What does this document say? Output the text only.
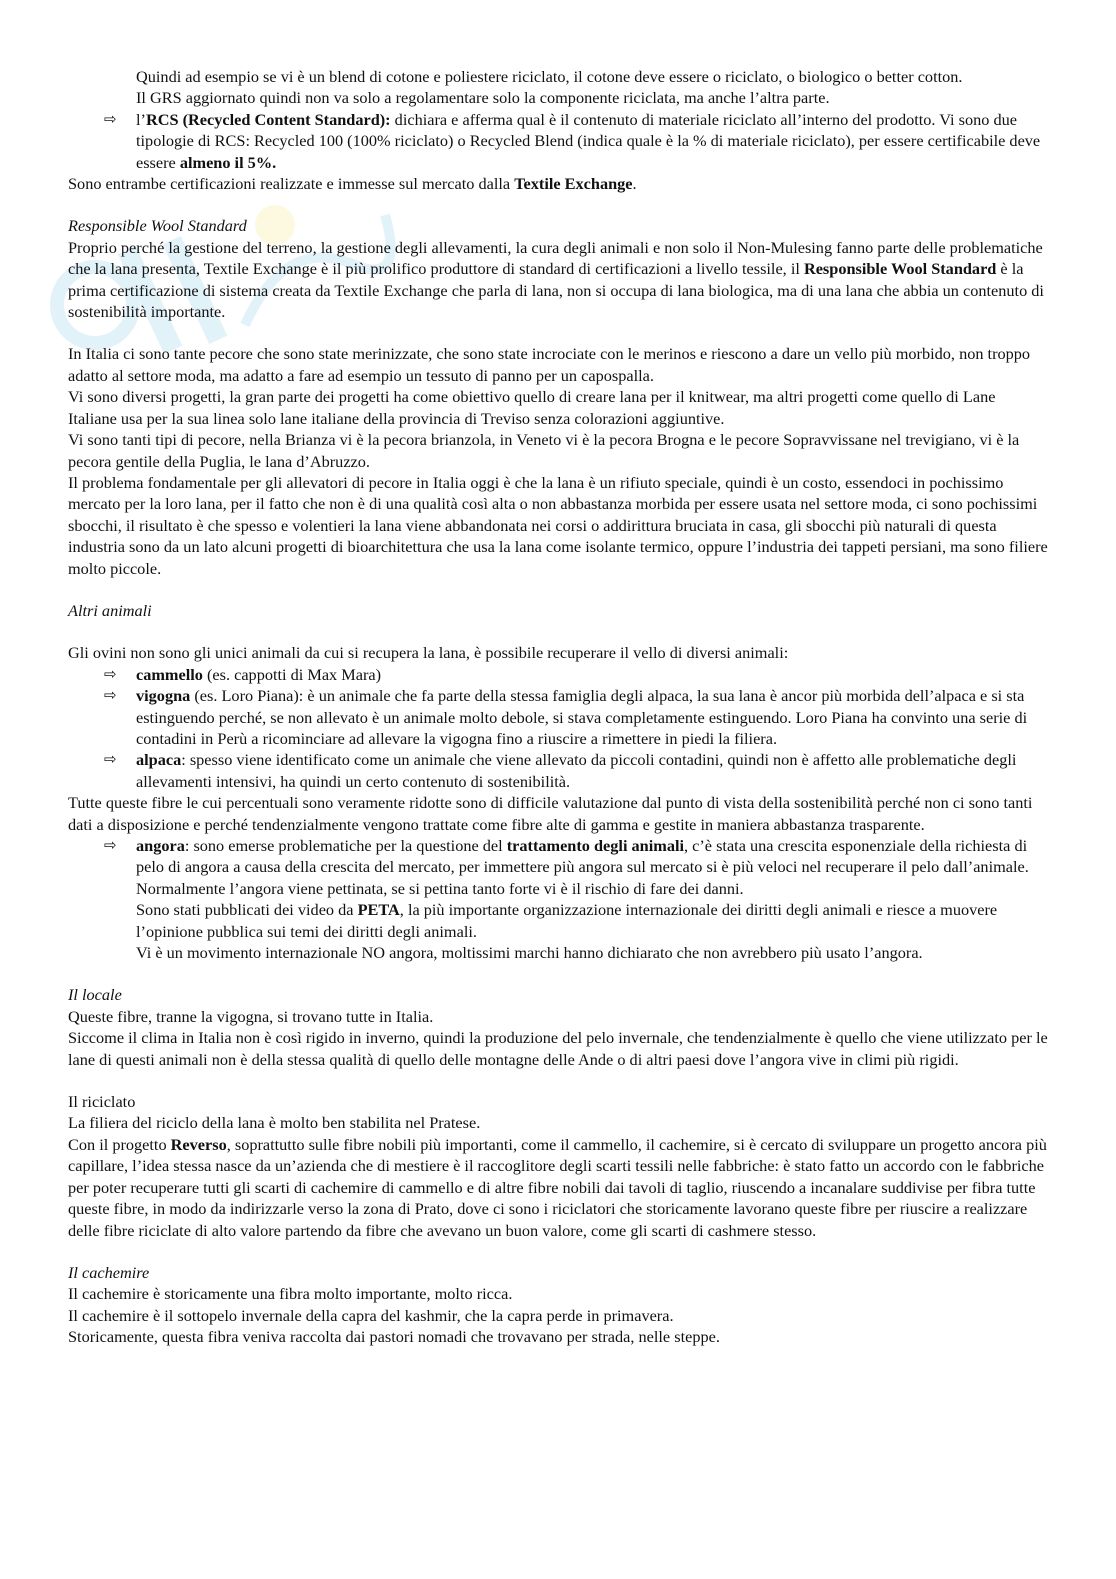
Quindi ad esempio se vi è un blend di cotone e poliestere riciclato, il cotone deve essere o riciclato, o biologico o better cotton.

Il GRS aggiornato quindi non va solo a regolamentare solo la componente riciclata, ma anche l’altra parte.

⇨ l’RCS (Recycled Content Standard): dichiara e afferma qual è il contenuto di materiale riciclato all’interno del prodotto. Vi sono due tipologie di RCS: Recycled 100 (100% riciclato) o Recycled Blend (indica quale è la % di materiale riciclato), per essere certificabile deve essere almeno il 5%.

Sono entrambe certificazioni realizzate e immesse sul mercato dalla Textile Exchange.

Responsible Wool Standard

Proprio perché la gestione del terreno, la gestione degli allevamenti, la cura degli animali e non solo il Non-Mulesing fanno parte delle problematiche che la lana presenta, Textile Exchange è il più prolifico produttore di standard di certificazioni a livello tessile, il Responsible Wool Standard è la prima certificazione di sistema creata da Textile Exchange che parla di lana, non si occupa di lana biologica, ma di una lana che abbia un contenuto di sostenibilità importante.

In Italia ci sono tante pecore che sono state merinizzate, che sono state incrociate con le merinos e riescono a dare un vello più morbido, non troppo adatto al settore moda, ma adatto a fare ad esempio un tessuto di panno per un capospalla.

Vi sono diversi progetti, la gran parte dei progetti ha come obiettivo quello di creare lana per il knitwear, ma altri progetti come quello di Lane Italiane usa per la sua linea solo lane italiane della provincia di Treviso senza colorazioni aggiuntive.

Vi sono tanti tipi di pecore, nella Brianza vi è la pecora brianzola, in Veneto vi è la pecora Brogna e le pecore Sopravvissane nel trevigiano, vi è la pecora gentile della Puglia, le lana d’Abruzzo.

Il problema fondamentale per gli allevatori di pecore in Italia oggi è che la lana è un rifiuto speciale, quindi è un costo, essendoci in pochissimo mercato per la loro lana, per il fatto che non è di una qualità così alta o non abbastanza morbida per essere usata nel settore moda, ci sono pochissimi sbocchi, il risultato è che spesso e volentieri la lana viene abbandonata nei corsi o addirittura bruciata in casa, gli sbocchi più naturali di questa industria sono da un lato alcuni progetti di bioarchitettura che usa la lana come isolante termico, oppure l’industria dei tappeti persiani, ma sono filiere molto piccole.

Altri animali

Gli ovini non sono gli unici animali da cui si recupera la lana, è possibile recuperare il vello di diversi animali:

⇨ cammello (es. cappotti di Max Mara)
⇨ vigogna (es. Loro Piana): è un animale che fa parte della stessa famiglia degli alpaca, la sua lana è ancor più morbida dell’alpaca e si sta estinguendo perché, se non allevato è un animale molto debole, si stava completamente estinguendo. Loro Piana ha convinto una serie di contadini in Perù a ricominciare ad allevare la vigogna fino a riuscire a rimettere in piedi la filiera.
⇨ alpaca: spesso viene identificato come un animale che viene allevato da piccoli contadini, quindi non è affetto alle problematiche degli allevamenti intensivi, ha quindi un certo contenuto di sostenibilità.

Tutte queste fibre le cui percentuali sono veramente ridotte sono di difficile valutazione dal punto di vista della sostenibilità perché non ci sono tanti dati a disposizione e perché tendenzialmente vengono trattate come fibre alte di gamma e gestite in maniera abbastanza trasparente.

⇨ angora: sono emerse problematiche per la questione del trattamento degli animali, c’è stata una crescita esponenziale della richiesta di pelo di angora a causa della crescita del mercato, per immettere più angora sul mercato si è più veloci nel recuperare il pelo dall’animale. Normalmente l’angora viene pettinata, se si pettina tanto forte vi è il rischio di fare dei danni.

Sono stati pubblicati dei video da PETA, la più importante organizzazione internazionale dei diritti degli animali e riesce a muovere l’opinione pubblica sui temi dei diritti degli animali.

Vi è un movimento internazionale NO angora, moltissimi marchi hanno dichiarato che non avrebbero più usato l’angora.

Il locale

Queste fibre, tranne la vigogna, si trovano tutte in Italia.

Siccome il clima in Italia non è così rigido in inverno, quindi la produzione del pelo invernale, che tendenzialmente è quello che viene utilizzato per le lane di questi animali non è della stessa qualità di quello delle montagne delle Ande o di altri paesi dove l’angora vive in climi più rigidi.

Il riciclato

La filiera del riciclo della lana è molto ben stabilita nel Pratese.

Con il progetto Reverso, soprattutto sulle fibre nobili più importanti, come il cammello, il cachemire, si è cercato di sviluppare un progetto ancora più capillare, l’idea stessa nasce da un’azienda che di mestiere è il raccoglitore degli scarti tessili nelle fabbriche: è stato fatto un accordo con le fabbriche per poter recuperare tutti gli scarti di cachemire di cammello e di altre fibre nobili dai tavoli di taglio, riuscendo a incanalare suddivise per fibra tutte queste fibre, in modo da indirizzarle verso la zona di Prato, dove ci sono i riciclatori che storicamente lavorano queste fibre per riuscire a realizzare delle fibre riciclate di alto valore partendo da fibre che avevano un buon valore, come gli scarti di cashmere stesso.

Il cachemire

Il cachemire è storicamente una fibra molto importante, molto ricca.

Il cachemire è il sottopelo invernale della capra del kashmir, che la capra perde in primavera.

Storicamente, questa fibra veniva raccolta dai pastori nomadi che trovavano per strada, nelle steppe.
